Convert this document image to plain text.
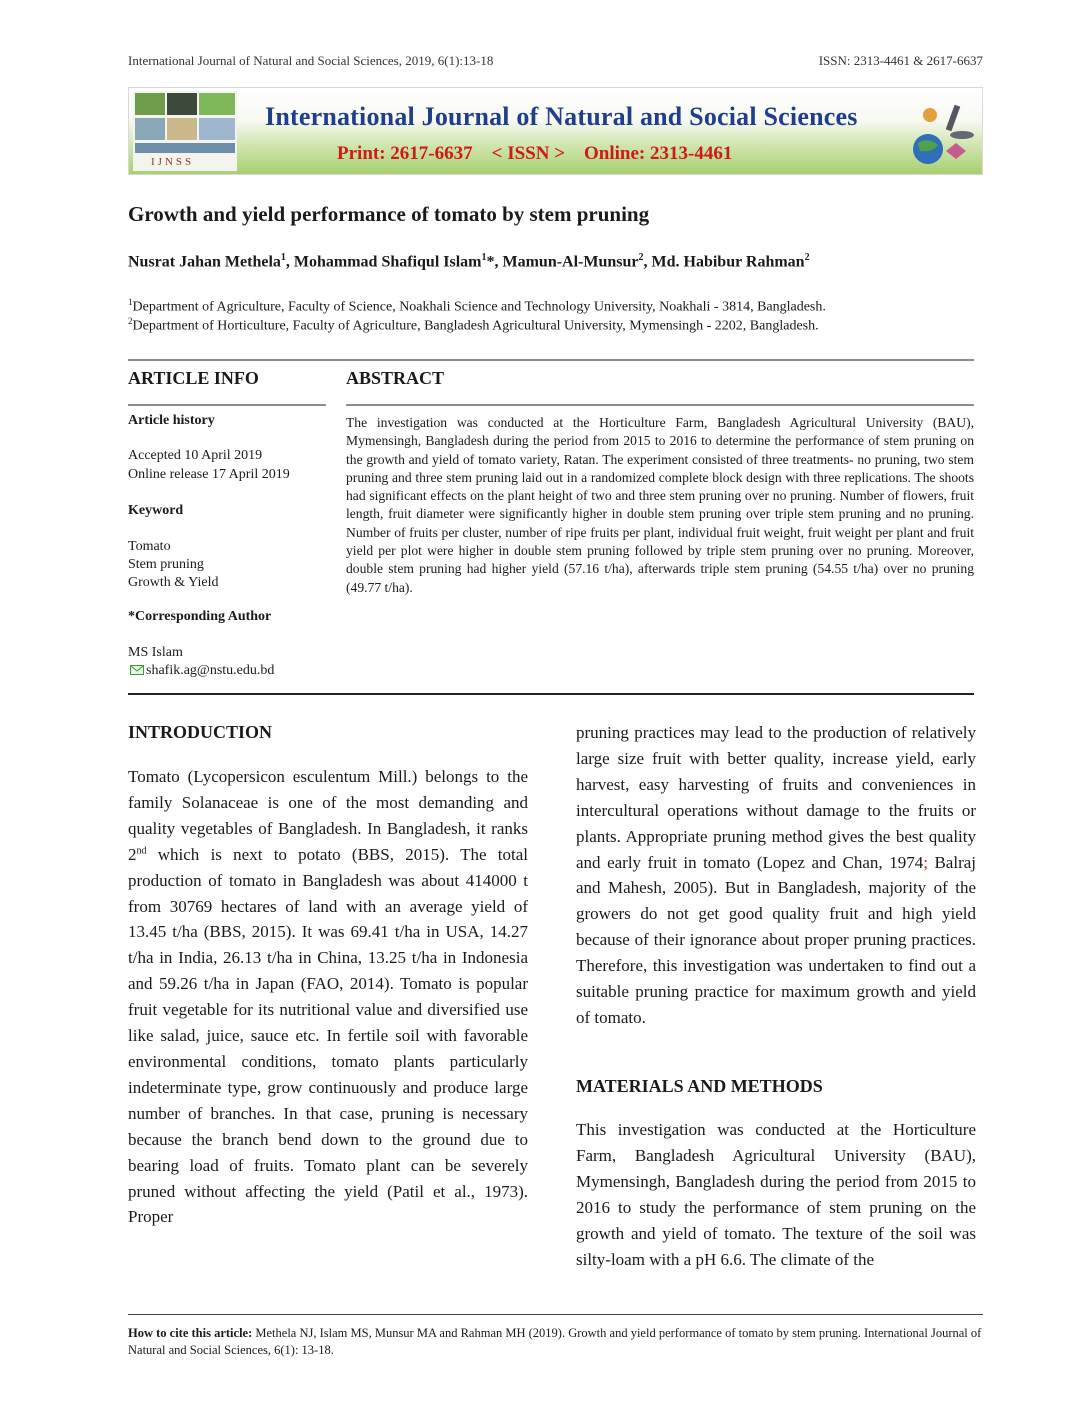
International Journal of Natural and Social Sciences, 2019, 6(1):13-18	ISSN: 2313-4461 & 2617-6637
IJNSS
International Journal of Natural and Social Sciences
Print: 2617-6637    < ISSN >    Online: 2313-4461
Growth and yield performance of tomato by stem pruning
Nusrat Jahan Methela$^1$, Mohammad Shafiqul Islam$^1$*, Mamun-Al-Munsur$^2$, Md. Habibur Rahman$^2$
$^1$Department of Agriculture, Faculty of Science, Noakhali Science and Technology University, Noakhali - 3814, Bangladesh.
$^2$Department of Horticulture, Faculty of Agriculture, Bangladesh Agricultural University, Mymensingh - 2202, Bangladesh.
ARTICLE INFO
Article history
Accepted 10 April 2019
Online release 17 April 2019
Keyword
Tomato
Stem pruning
Growth & Yield
*Corresponding Author
MS Islam
shafik.ag@nstu.edu.bd
ABSTRACT
The investigation was conducted at the Horticulture Farm, Bangladesh Agricultural University (BAU), Mymensingh, Bangladesh during the period from 2015 to 2016 to determine the performance of stem pruning on the growth and yield of tomato variety, Ratan. The experiment consisted of three treatments- no pruning, two stem pruning and three stem pruning laid out in a randomized complete block design with three replications. The shoots had significant effects on the plant height of two and three stem pruning over no pruning. Number of flowers, fruit length, fruit diameter were significantly higher in double stem pruning over triple stem pruning and no pruning. Number of fruits per cluster, number of ripe fruits per plant, individual fruit weight, fruit weight per plant and fruit yield per plot were higher in double stem pruning followed by triple stem pruning over no pruning. Moreover, double stem pruning had higher yield (57.16 t/ha), afterwards triple stem pruning (54.55 t/ha) over no pruning (49.77 t/ha).
INTRODUCTION
Tomato (Lycopersicon esculentum Mill.) belongs to the family Solanaceae is one of the most demanding and quality vegetables of Bangladesh. In Bangladesh, it ranks 2nd which is next to potato (BBS, 2015). The total production of tomato in Bangladesh was about 414000 t from 30769 hectares of land with an average yield of 13.45 t/ha (BBS, 2015). It was 69.41 t/ha in USA, 14.27 t/ha in India, 26.13 t/ha in China, 13.25 t/ha in Indonesia and 59.26 t/ha in Japan (FAO, 2014). Tomato is popular fruit vegetable for its nutritional value and diversified use like salad, juice, sauce etc. In fertile soil with favorable environmental conditions, tomato plants particularly indeterminate type, grow continuously and produce large number of branches. In that case, pruning is necessary because the branch bend down to the ground due to bearing load of fruits. Tomato plant can be severely pruned without affecting the yield (Patil et al., 1973). Proper
pruning practices may lead to the production of relatively large size fruit with better quality, increase yield, early harvest, easy harvesting of fruits and conveniences in intercultural operations without damage to the fruits or plants. Appropriate pruning method gives the best quality and early fruit in tomato (Lopez and Chan, 1974; Balraj and Mahesh, 2005). But in Bangladesh, majority of the growers do not get good quality fruit and high yield because of their ignorance about proper pruning practices. Therefore, this investigation was undertaken to find out a suitable pruning practice for maximum growth and yield of tomato.
MATERIALS AND METHODS
This investigation was conducted at the Horticulture Farm, Bangladesh Agricultural University (BAU), Mymensingh, Bangladesh during the period from 2015 to 2016 to study the performance of stem pruning on the growth and yield of tomato. The texture of the soil was silty-loam with a pH 6.6. The climate of the
How to cite this article: Methela NJ, Islam MS, Munsur MA and Rahman MH (2019). Growth and yield performance of tomato by stem pruning. International Journal of Natural and Social Sciences, 6(1): 13-18.
